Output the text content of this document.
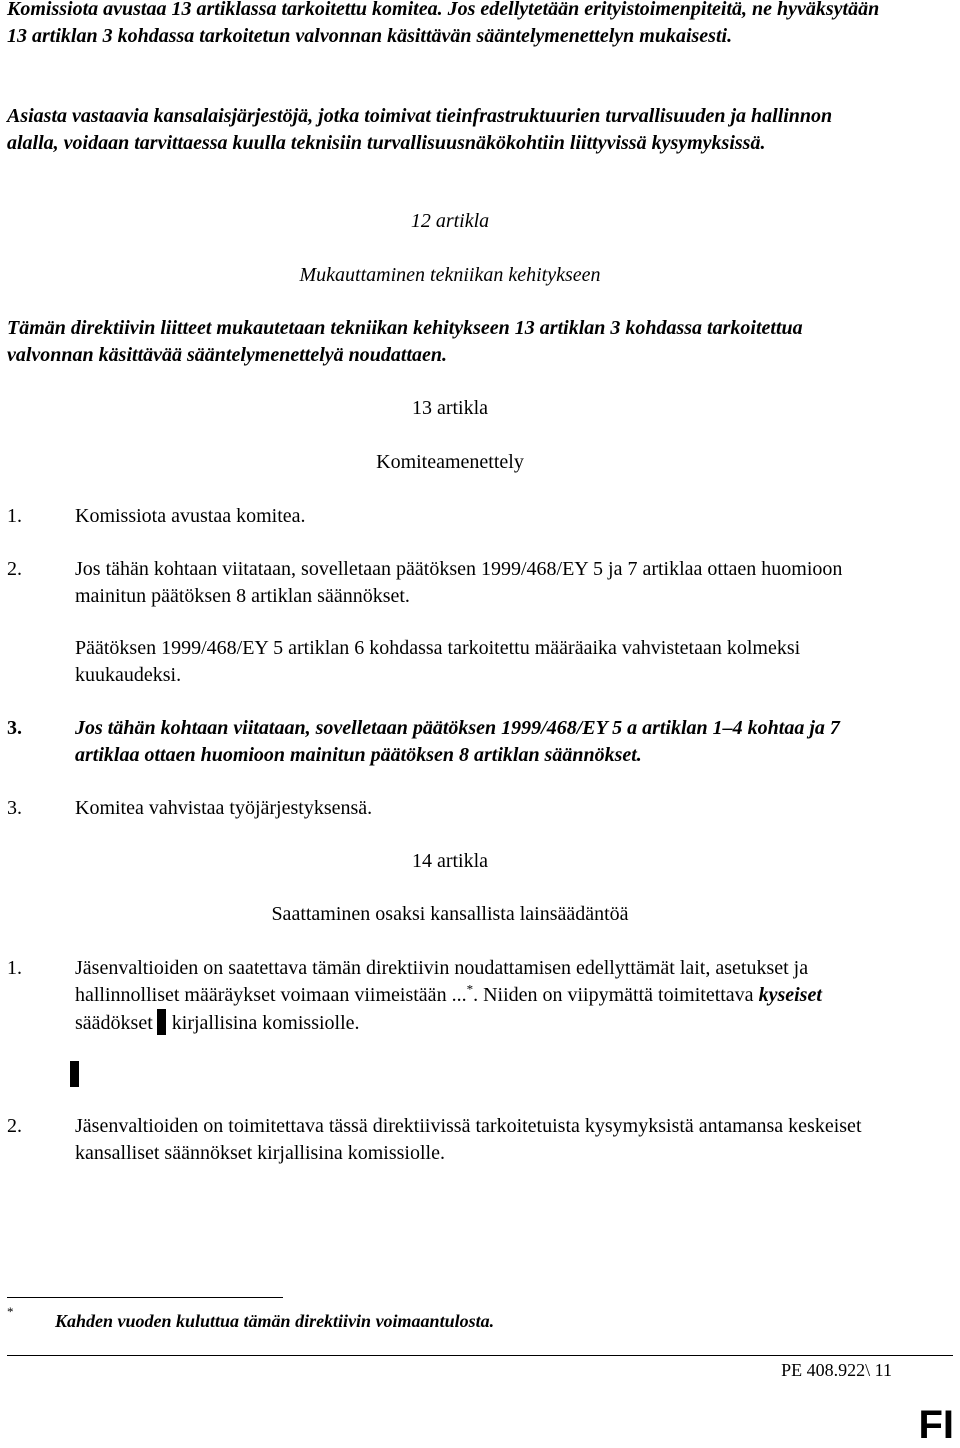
Komissiota avustaa 13 artiklassa tarkoitettu komitea. Jos edellytetään erityistoimenpiteitä, ne hyväksytään 13 artiklan 3 kohdassa tarkoitetun valvonnan käsittävän sääntelymenettelyn mukaisesti.

Asiasta vastaavia kansalaisjärjestöjä, jotka toimivat tieinfrastruktuurien turvallisuuden ja hallinnon alalla, voidaan tarvittaessa kuulla teknisiin turvallisuusnäkökohtiin liittyvissä kysymyksissä.

12 artikla
Mukauttaminen tekniikan kehitykseen

Tämän direktiivin liitteet mukautetaan tekniikan kehitykseen 13 artiklan 3 kohdassa tarkoitettua valvonnan käsittävää sääntelymenettelyä noudattaen.

13 artikla
Komiteamenettely
1.	Komissiota avustaa komitea.
2.	Jos tähän kohtaan viitataan, sovelletaan päätöksen 1999/468/EY 5 ja 7 artiklaa ottaen huomioon mainitun päätöksen 8 artiklan säännökset.
Päätöksen 1999/468/EY 5 artiklan 6 kohdassa tarkoitettu määräaika vahvistetaan kolmeksi kuukaudeksi.
3.	Jos tähän kohtaan viitataan, sovelletaan päätöksen 1999/468/EY 5 a artiklan 1–4 kohtaa ja 7 artiklaa ottaen huomioon mainitun päätöksen 8 artiklan säännökset.
3.	Komitea vahvistaa työjärjestyksensä.
14 artikla
Saattaminen osaksi kansallista lainsäädäntöä
1.	Jäsenvaltioiden on saatettava tämän direktiivin noudattamisen edellyttämät lait, asetukset ja hallinnolliset määräykset voimaan viimeistään ...*. Niiden on viipymättä toimitettava kyseiset säädökset kirjallisina komissiolle.
2.	Jäsenvaltioiden on toimitettava tässä direktiivissä tarkoitetuista kysymyksistä antamansa keskeiset kansalliset säännökset kirjallisina komissiolle.
* Kahden vuoden kuluttua tämän direktiivin voimaantulosta.
PE 408.922\ 11
FI
